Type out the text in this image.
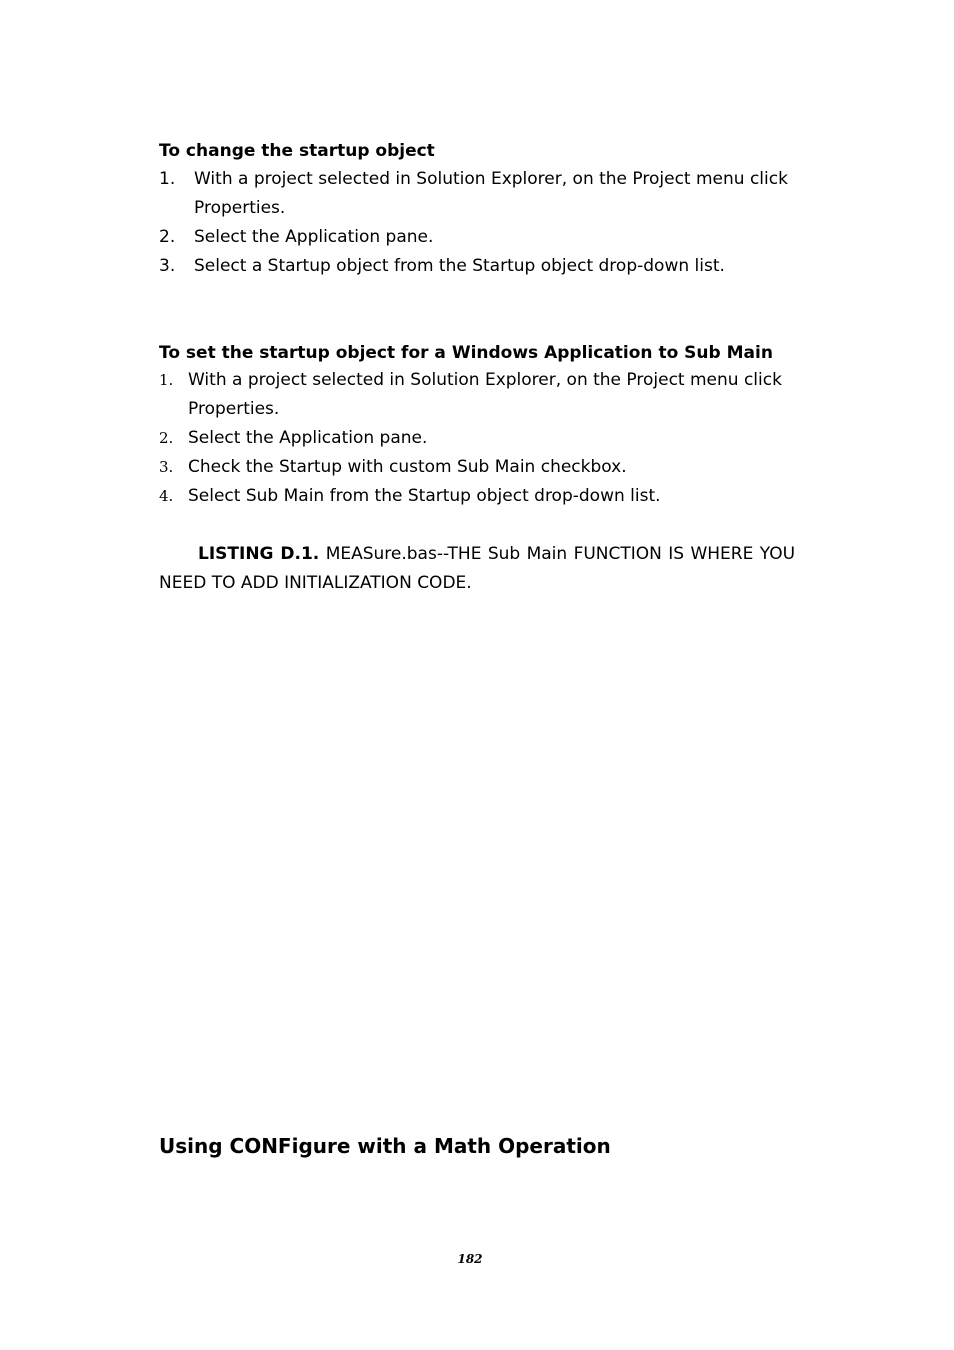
To change the startup object
1.	With a project selected in Solution Explorer, on the Project menu click Properties.
2. Select the Application pane.
3. Select a Startup object from the Startup object drop-down list.
To set the startup object for a Windows Application to Sub Main
1. With a project selected in Solution Explorer, on the Project menu click Properties.
2. Select the Application pane.
3. Check the Startup with custom Sub Main checkbox.
4. Select Sub Main from the Startup object drop-down list.
LISTING D.1. MEASure.bas--THE Sub Main FUNCTION IS WHERE YOU NEED TO ADD INITIALIZATION CODE.
Using CONFigure with a Math Operation
182
